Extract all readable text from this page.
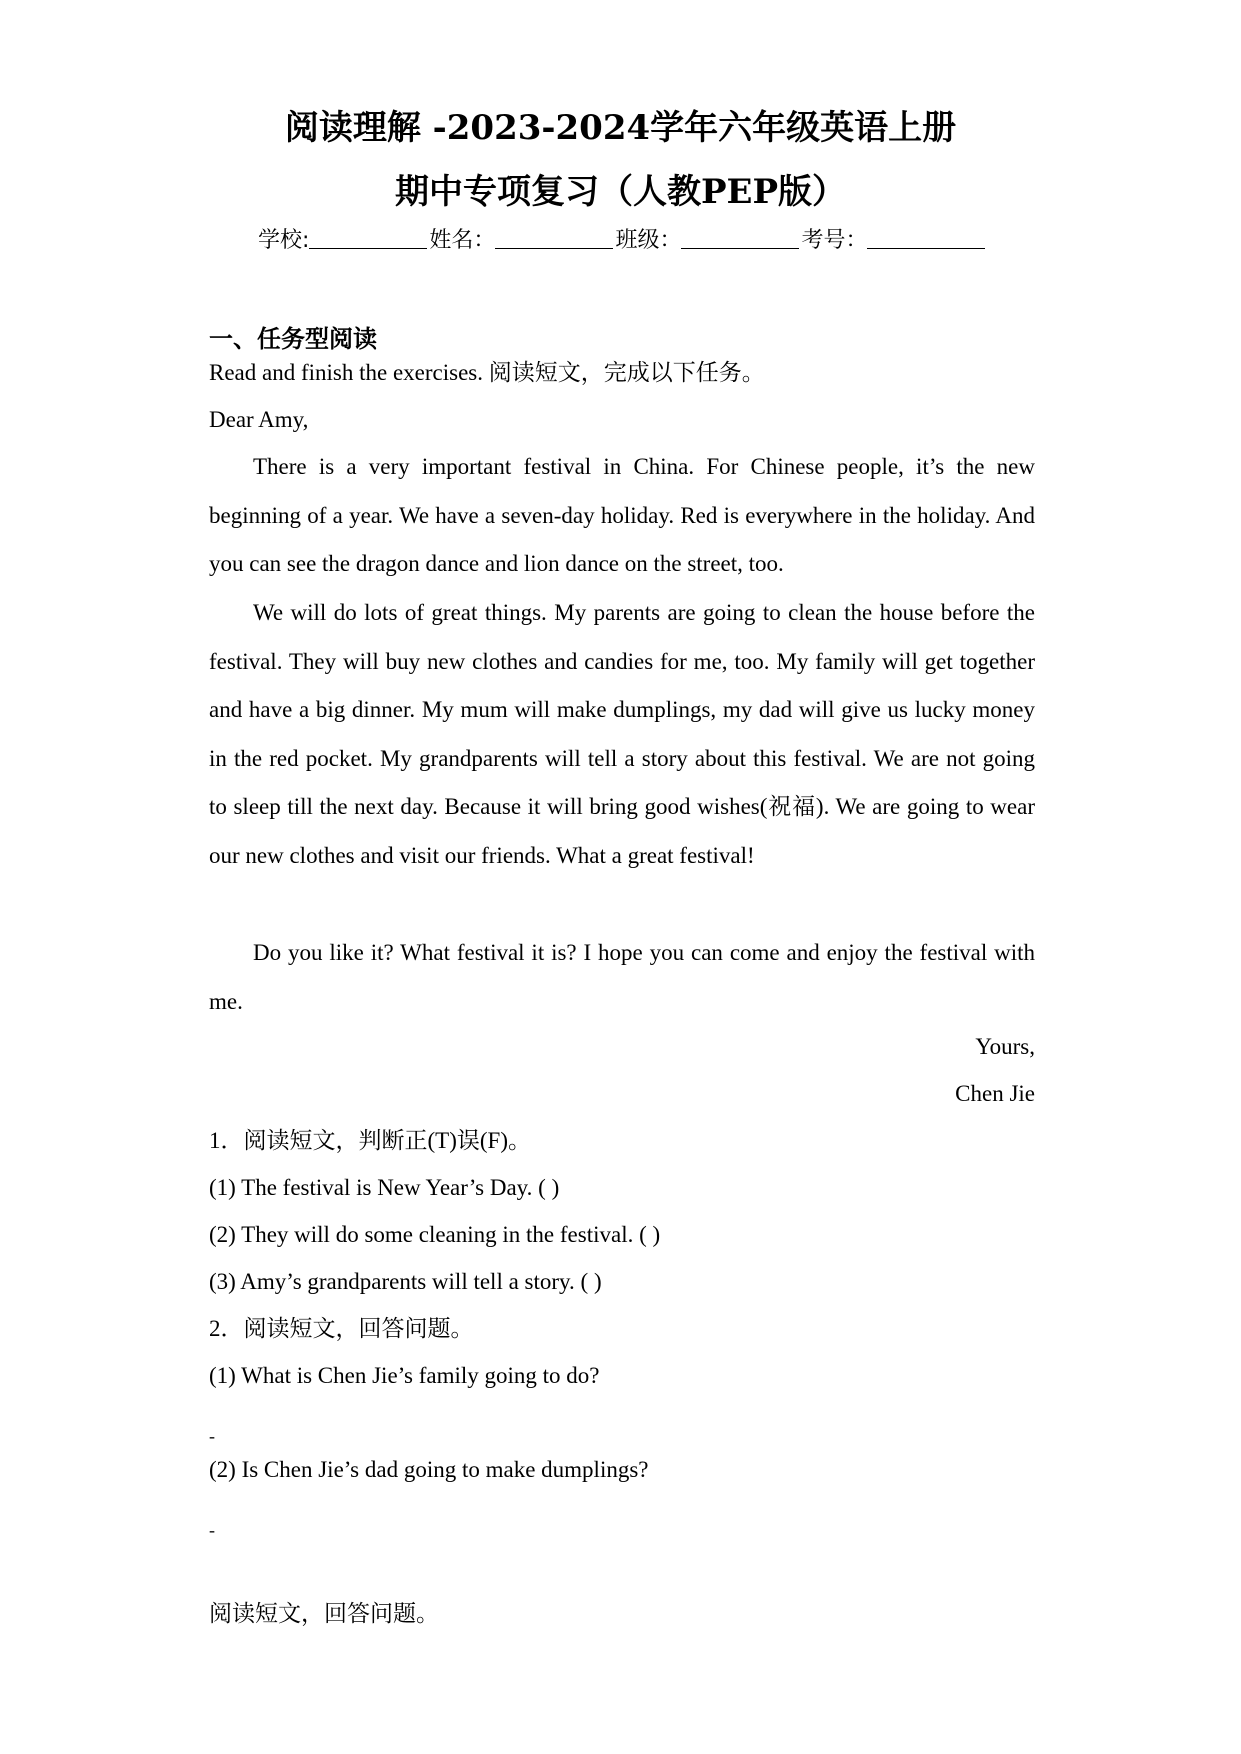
阅读理解 -2023-2024学年六年级英语上册
期中专项复习（人教PEP版）
学校:	姓名：	班级：	考号：
一、任务型阅读
Read and finish the exercises. 阅读短文，完成以下任务。
Dear Amy,
There is a very important festival in China. For Chinese people, it’s the new beginning of a year. We have a seven-day holiday. Red is everywhere in the holiday. And you can see the dragon dance and lion dance on the street, too.
We will do lots of great things. My parents are going to clean the house before the festival. They will buy new clothes and candies for me, too. My family will get together and have a big dinner. My mum will make dumplings, my dad will give us lucky money in the red pocket. My grandparents will tell a story about this festival. We are not going to sleep till the next day. Because it will bring good wishes(祝福). We are going to wear our new clothes and visit our friends. What a great festival!
Do you like it? What festival it is? I hope you can come and enjoy the festival with me.
Yours,
Chen Jie
1．阅读短文，判断正(T)误(F)。
(1) The festival is New Year’s Day. ( )
(2) They will do some cleaning in the festival. ( )
(3) Amy’s grandparents will tell a story. ( )
2．阅读短文，回答问题。
(1) What is Chen Jie’s family going to do?
-
(2) Is Chen Jie’s dad going to make dumplings?
-
阅读短文，回答问题。
